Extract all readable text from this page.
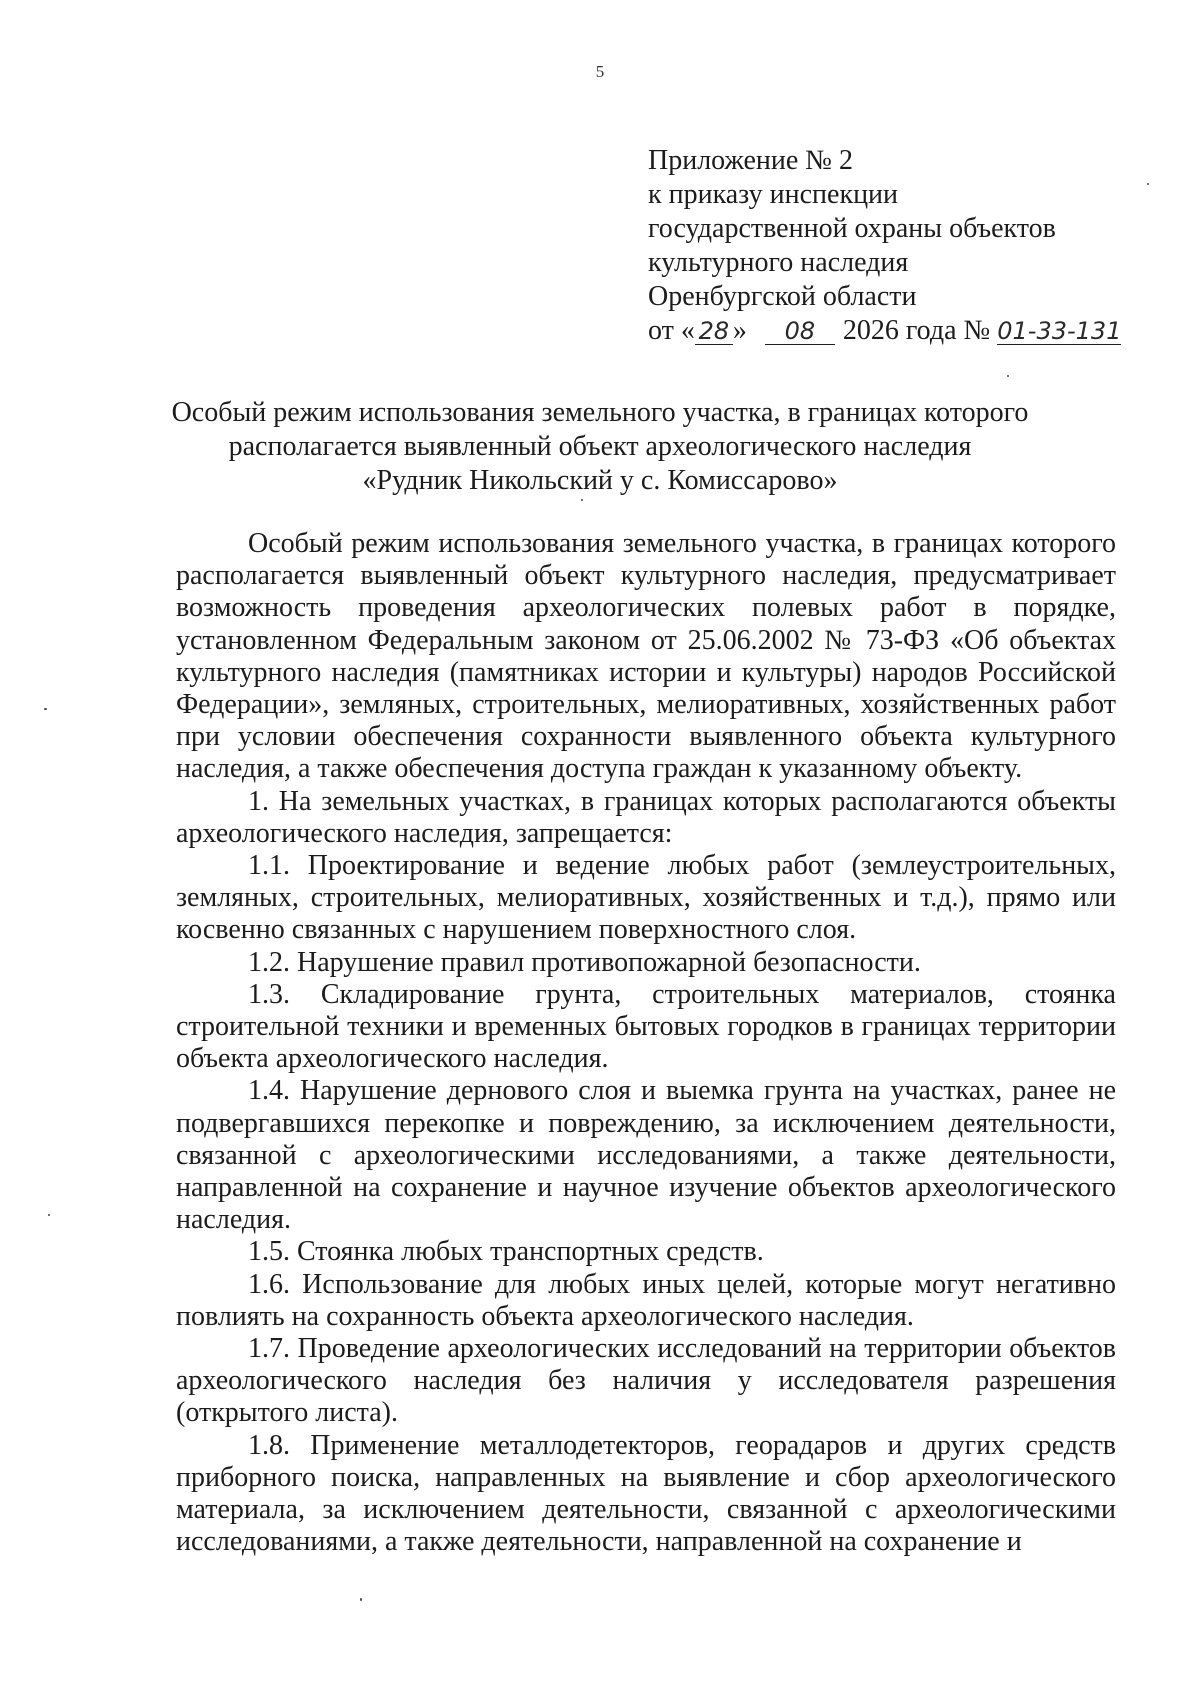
5
Приложение № 2
к приказу инспекции
государственной охраны объектов
культурного наследия
Оренбургской области
от « 28 » 08 2026 года № 01-33-131
Особый режим использования земельного участка, в границах которого
располагается выявленный объект археологического наследия
«Рудник Никольский у с. Комиссарово»

Особый режим использования земельного участка, в границах которого располагается выявленный объект культурного наследия, предусматривает возможность проведения археологических полевых работ в порядке, установленном Федеральным законом от 25.06.2002 № 73-ФЗ «Об объектах культурного наследия (памятниках истории и культуры) народов Российской Федерации», земляных, строительных, мелиоративных, хозяйственных работ при условии обеспечения сохранности выявленного объекта культурного наследия, а также обеспечения доступа граждан к указанному объекту.

1. На земельных участках, в границах которых располагаются объекты археологического наследия, запрещается:

1.1. Проектирование и ведение любых работ (землеустроительных, земляных, строительных, мелиоративных, хозяйственных и т.д.), прямо или косвенно связанных с нарушением поверхностного слоя.

1.2. Нарушение правил противопожарной безопасности.

1.3. Складирование грунта, строительных материалов, стоянка строительной техники и временных бытовых городков в границах территории объекта археологического наследия.

1.4. Нарушение дернового слоя и выемка грунта на участках, ранее не подвергавшихся перекопке и повреждению, за исключением деятельности, связанной с археологическими исследованиями, а также деятельности, направленной на сохранение и научное изучение объектов археологического наследия.

1.5. Стоянка любых транспортных средств.

1.6. Использование для любых иных целей, которые могут негативно повлиять на сохранность объекта археологического наследия.

1.7. Проведение археологических исследований на территории объектов археологического наследия без наличия у исследователя разрешения (открытого листа).

1.8. Применение металлодетекторов, георадаров и других средств приборного поиска, направленных на выявление и сбор археологического материала, за исключением деятельности, связанной с археологическими исследованиями, а также деятельности, направленной на сохранение и
